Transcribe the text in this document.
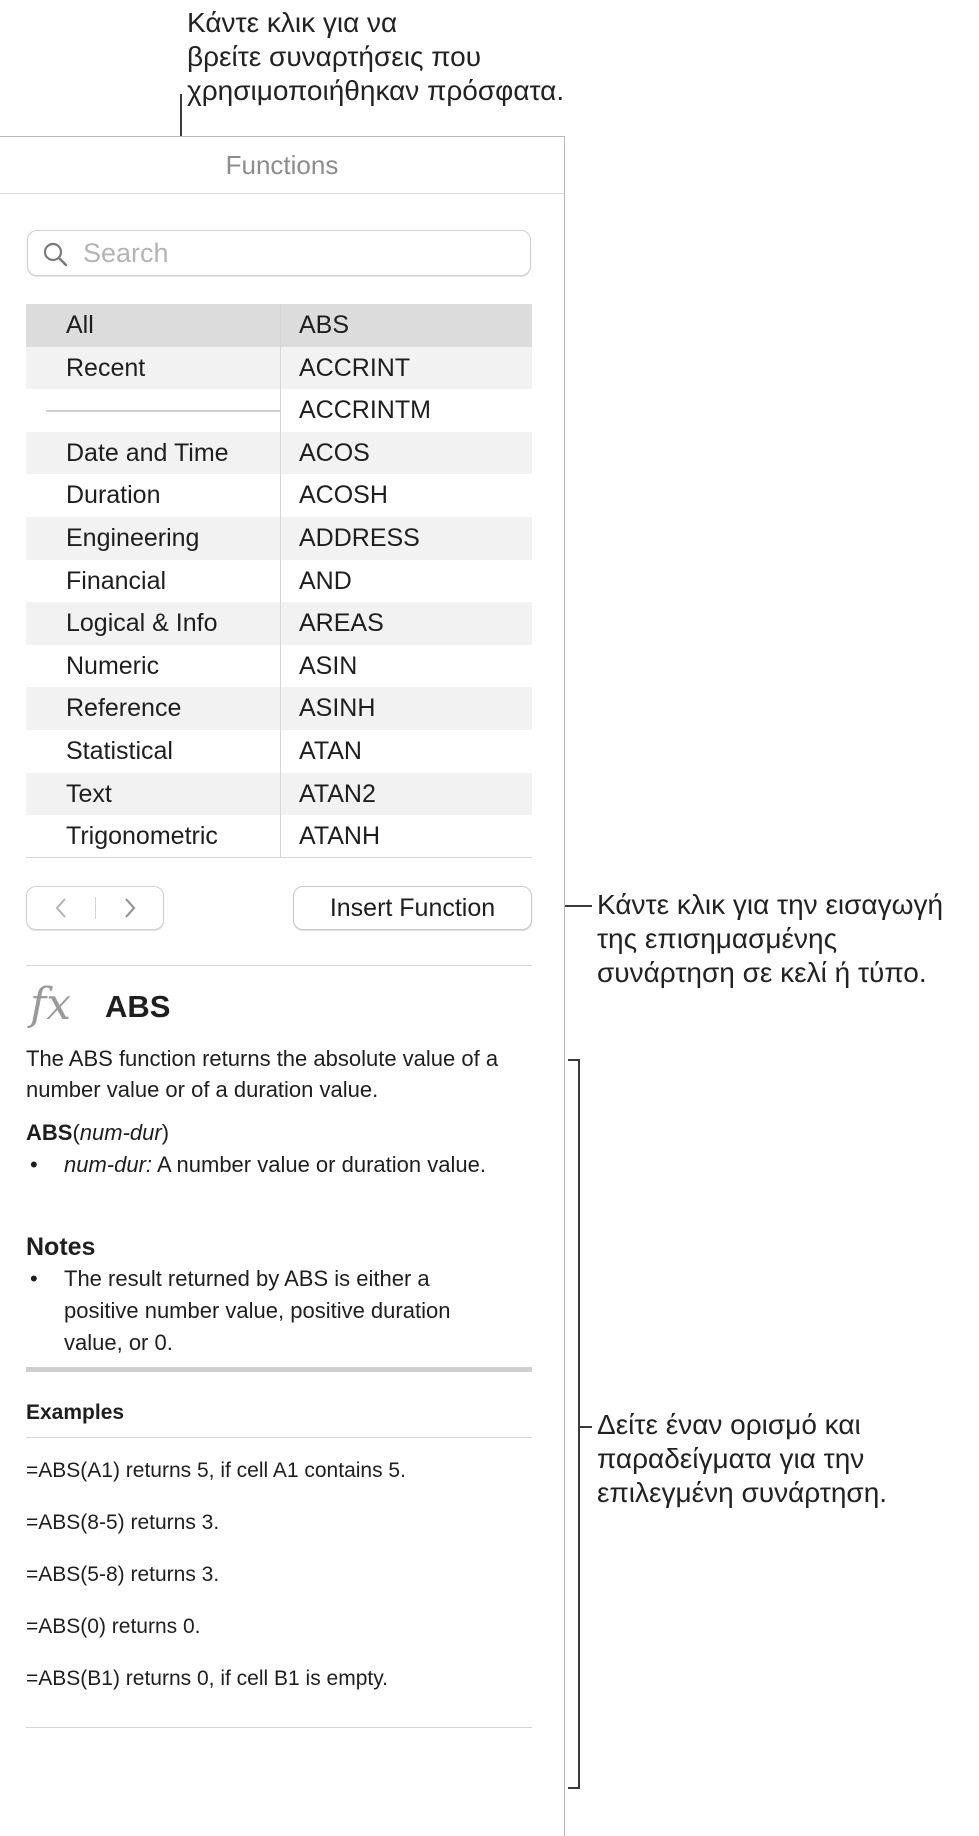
Κάντε κλικ για να

βρείτε συναρτήσεις που

χρησιμοποιήθηκαν πρόσφατα.

Κάντε κλικ για την εισαγωγή

της επισημασμένης

συνάρτηση σε κελί ή τύπο.

Δείτε έναν ορισμό και

παραδείγματα για την

επιλεγμένη συνάρτηση.

Functions
Search
All
Recent
Date and Time
Duration
Engineering
Financial
Logical & Info
Numeric
Reference
Statistical
Text
Trigonometric
ABS
ACCRINT
ACCRINTM
ACOS
ACOSH
ADDRESS
AND
AREAS
ASIN
ASINH
ATAN
ATAN2
ATANH
Insert Function
fx ABS

The ABS function returns the absolute value of a number value or of a duration value.

ABS(num-dur)

• num-dur: A number value or duration value.
Notes
• The result returned by ABS is either a positive number value, positive duration value, or 0.
Examples

=ABS(A1) returns 5, if cell A1 contains 5.

=ABS(8-5) returns 3.

=ABS(5-8) returns 3.

=ABS(0) returns 0.

=ABS(B1) returns 0, if cell B1 is empty.
